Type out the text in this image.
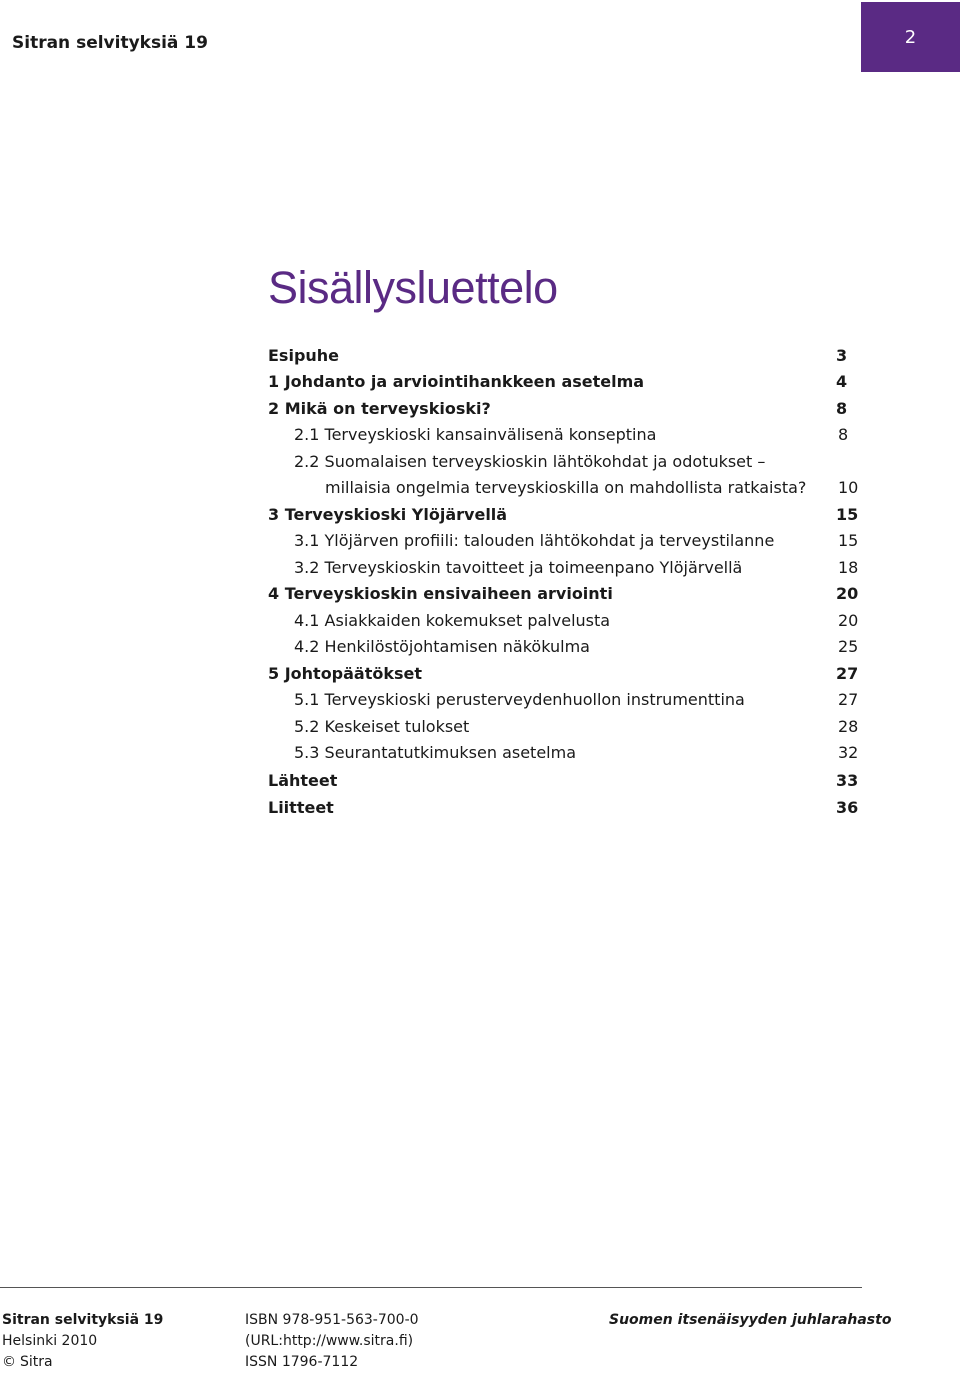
Sitran selvityksiä 19	2
Sisällysluettelo
Esipuhe	3
1 Johdanto ja arviointihankkeen asetelma	4
2 Mikä on terveyskioski?	8
2.1 Terveyskioski kansainvälisenä konseptina	8
2.2 Suomalaisen terveyskioskin lähtökohdat ja odotukset –
millaisia ongelmia terveyskioskilla on mahdollista ratkaista? 10
3 Terveyskioski Ylöjärvellä	15
3.1 Ylöjärven profiili: talouden lähtökohdat ja terveystilanne	15
3.2 Terveyskioskin tavoitteet ja toimeenpano Ylöjärvellä	18
4 Terveyskioskin ensivaiheen arviointi	20
4.1 Asiakkaiden kokemukset palvelusta	20
4.2 Henkilöstöjohtamisen näkökulma	25
5 Johtopäätökset	27
5.1 Terveyskioski perusterveydenhuollon instrumenttina	27
5.2 Keskeiset tulokset	28
5.3 Seurantatutkimuksen asetelma	32
Lähteet	33
Liitteet	36
Sitran selvityksiä 19
Helsinki 2010
© Sitra
ISBN 978-951-563-700-0
(URL:http://www.sitra.fi)
ISSN 1796-7112
Suomen itsenäisyyden juhlarahasto
